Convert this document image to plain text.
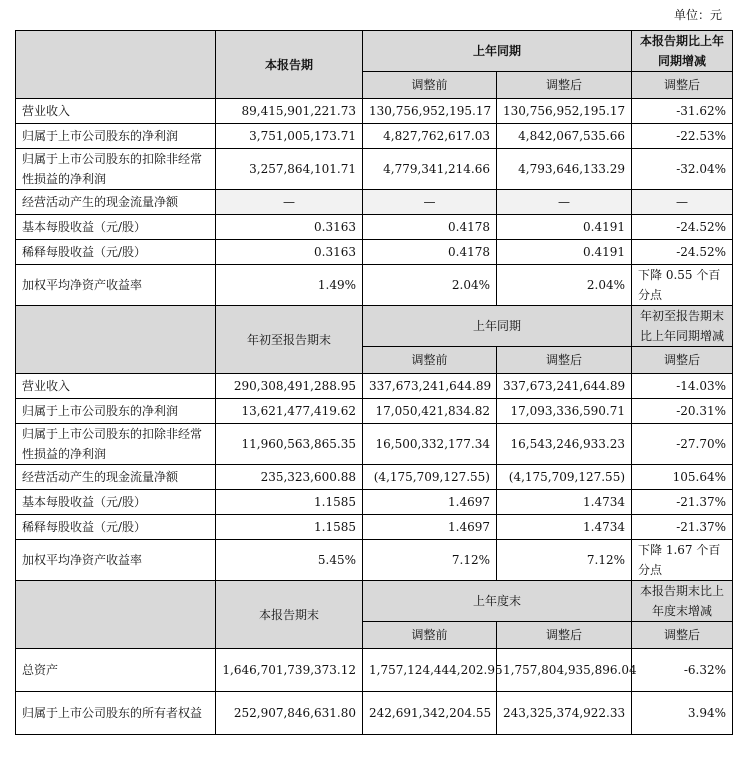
单位：元
	本报告期	上年同期		本报告期比上年同期增减
		调整前	调整后	调整后
营业收入	89,415,901,221.73	130,756,952,195.17	130,756,952,195.17	-31.62%
归属于上市公司股东的净利润	3,751,005,173.71	4,827,762,617.03	4,842,067,535.66	-22.53%
归属于上市公司股东的扣除非经常性损益的净利润	3,257,864,101.71	4,779,341,214.66	4,793,646,133.29	-32.04%
经营活动产生的现金流量净额	—	—	—	—
基本每股收益（元/股）	0.3163	0.4178	0.4191	-24.52%
稀释每股收益（元/股）	0.3163	0.4178	0.4191	-24.52%
加权平均净资产收益率	1.49%	2.04%	2.04%	下降 0.55 个百分点
	年初至报告期末	上年同期		年初至报告期末比上年同期增减
		调整前	调整后	调整后
营业收入	290,308,491,288.95	337,673,241,644.89	337,673,241,644.89	-14.03%
归属于上市公司股东的净利润	13,621,477,419.62	17,050,421,834.82	17,093,336,590.71	-20.31%
归属于上市公司股东的扣除非经常性损益的净利润	11,960,563,865.35	16,500,332,177.34	16,543,246,933.23	-27.70%
经营活动产生的现金流量净额	235,323,600.88	(4,175,709,127.55)	(4,175,709,127.55)	105.64%
基本每股收益（元/股）	1.1585	1.4697	1.4734	-21.37%
稀释每股收益（元/股）	1.1585	1.4697	1.4734	-21.37%
加权平均净资产收益率	5.45%	7.12%	7.12%	下降 1.67 个百分点
	本报告期末	上年度末		本报告期末比上年度末增减
		调整前	调整后	调整后
总资产	1,646,701,739,373.12	1,757,124,444,202.95	1,757,804,935,896.04	-6.32%
归属于上市公司股东的所有者权益	252,907,846,631.80	242,691,342,204.55	243,325,374,922.33	3.94%
